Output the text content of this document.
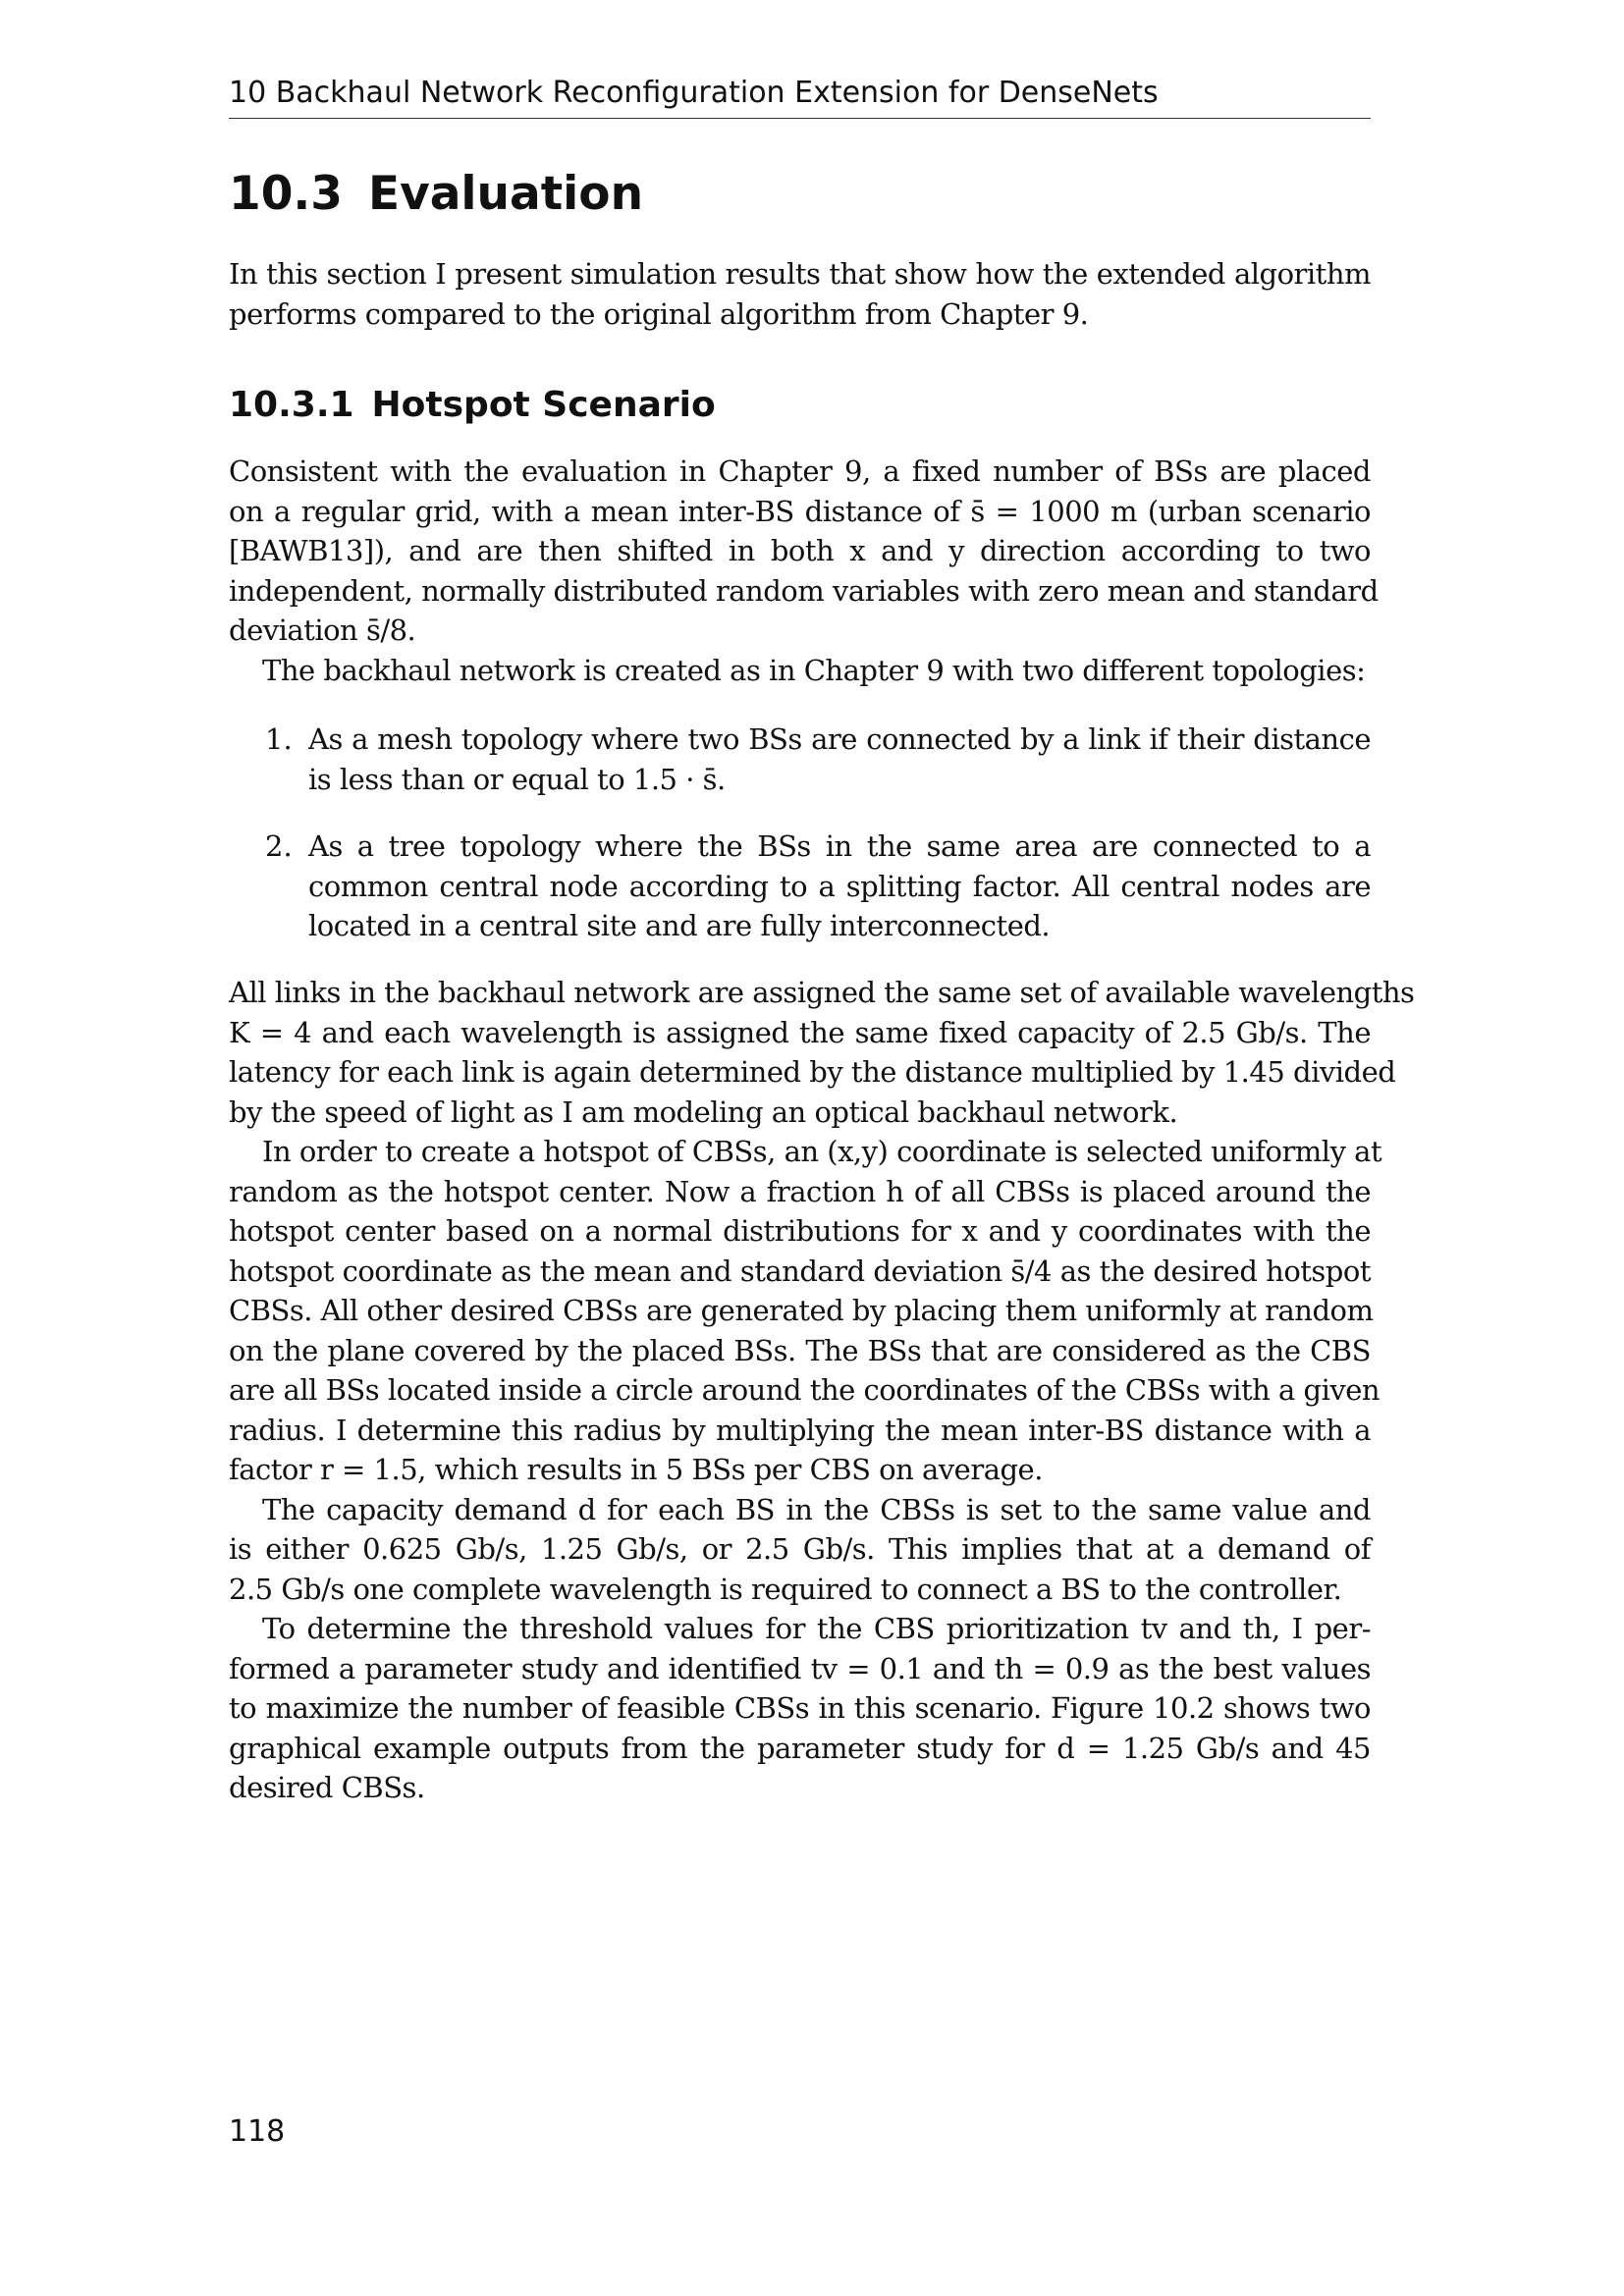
10 Backhaul Network Reconfiguration Extension for DenseNets
10.3 Evaluation
In this section I present simulation results that show how the extended algorithm
performs compared to the original algorithm from Chapter 9.
10.3.1 Hotspot Scenario
Consistent with the evaluation in Chapter 9, a fixed number of BSs are placed
on a regular grid, with a mean inter-BS distance of s̄ = 1000 m (urban scenario
[BAWB13]), and are then shifted in both x and y direction according to two
independent, normally distributed random variables with zero mean and standard
deviation s̄/8.
The backhaul network is created as in Chapter 9 with two different topologies:
1. As a mesh topology where two BSs are connected by a link if their distance
is less than or equal to 1.5 · s̄.
2. As a tree topology where the BSs in the same area are connected to a
common central node according to a splitting factor. All central nodes are
located in a central site and are fully interconnected.
All links in the backhaul network are assigned the same set of available wavelengths
K = 4 and each wavelength is assigned the same fixed capacity of 2.5 Gb/s. The
latency for each link is again determined by the distance multiplied by 1.45 divided
by the speed of light as I am modeling an optical backhaul network.
In order to create a hotspot of CBSs, an (x,y) coordinate is selected uniformly at
random as the hotspot center. Now a fraction h of all CBSs is placed around the
hotspot center based on a normal distributions for x and y coordinates with the
hotspot coordinate as the mean and standard deviation s̄/4 as the desired hotspot
CBSs. All other desired CBSs are generated by placing them uniformly at random
on the plane covered by the placed BSs. The BSs that are considered as the CBS
are all BSs located inside a circle around the coordinates of the CBSs with a given
radius. I determine this radius by multiplying the mean inter-BS distance with a
factor r = 1.5, which results in 5 BSs per CBS on average.
The capacity demand d for each BS in the CBSs is set to the same value and
is either 0.625 Gb/s, 1.25 Gb/s, or 2.5 Gb/s. This implies that at a demand of
2.5 Gb/s one complete wavelength is required to connect a BS to the controller.
To determine the threshold values for the CBS prioritization tv and th, I per-
formed a parameter study and identified tv = 0.1 and th = 0.9 as the best values
to maximize the number of feasible CBSs in this scenario. Figure 10.2 shows two
graphical example outputs from the parameter study for d = 1.25 Gb/s and 45
desired CBSs.
118
